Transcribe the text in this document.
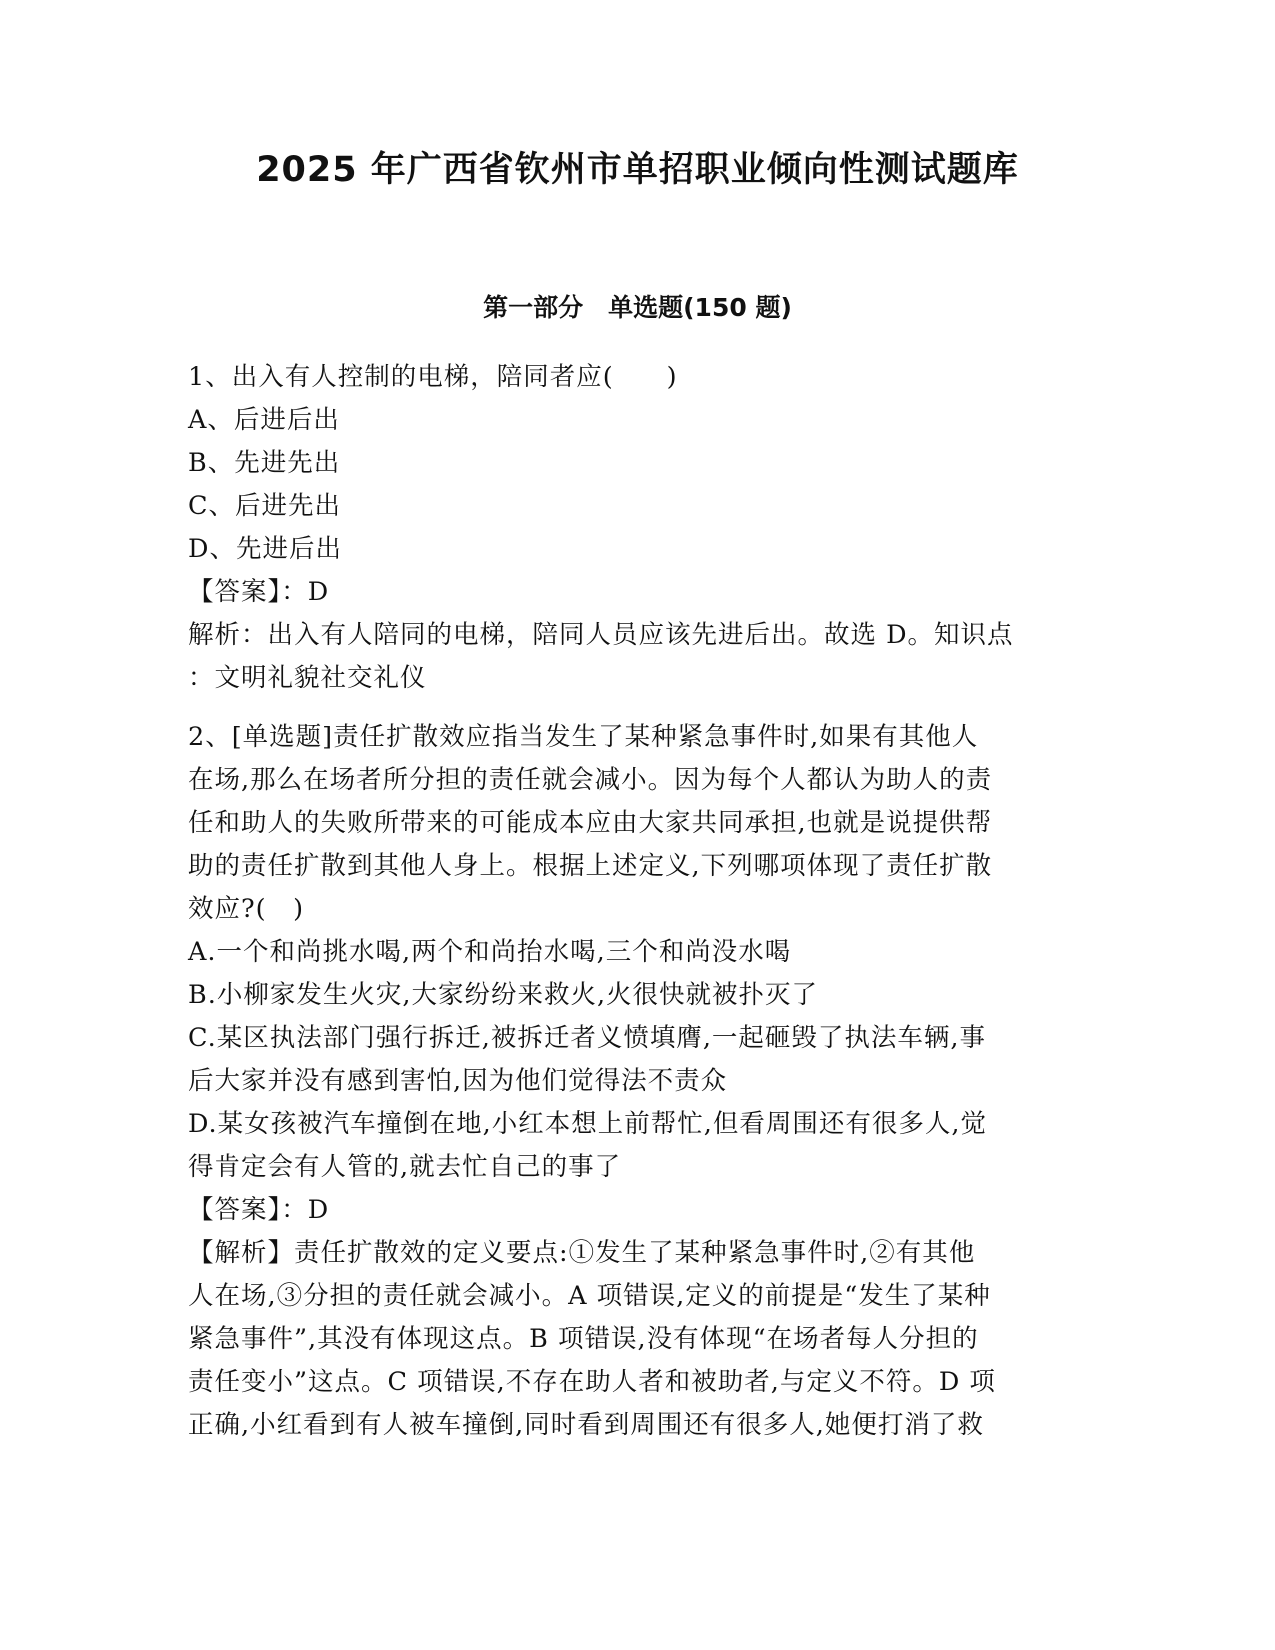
2025 年广西省钦州市单招职业倾向性测试题库
第一部分　单选题(150 题)
1、出入有人控制的电梯，陪同者应(　　)
A、后进后出
B、先进先出
C、后进先出
D、先进后出
【答案】：D
解析：出入有人陪同的电梯，陪同人员应该先进后出。故选 D。知识点
：文明礼貌社交礼仪
2、[单选题]责任扩散效应指当发生了某种紧急事件时,如果有其他人
在场,那么在场者所分担的责任就会减小。因为每个人都认为助人的责
任和助人的失败所带来的可能成本应由大家共同承担,也就是说提供帮
助的责任扩散到其他人身上。根据上述定义,下列哪项体现了责任扩散
效应?(　)
A.一个和尚挑水喝,两个和尚抬水喝,三个和尚没水喝
B.小柳家发生火灾,大家纷纷来救火,火很快就被扑灭了
C.某区执法部门强行拆迁,被拆迁者义愤填膺,一起砸毁了执法车辆,事
后大家并没有感到害怕,因为他们觉得法不责众
D.某女孩被汽车撞倒在地,小红本想上前帮忙,但看周围还有很多人,觉
得肯定会有人管的,就去忙自己的事了
【答案】：D
【解析】责任扩散效的定义要点:①发生了某种紧急事件时,②有其他
人在场,③分担的责任就会减小。A 项错误,定义的前提是“发生了某种
紧急事件”,其没有体现这点。B 项错误,没有体现“在场者每人分担的
责任变小”这点。C 项错误,不存在助人者和被助者,与定义不符。D 项
正确,小红看到有人被车撞倒,同时看到周围还有很多人,她便打消了救
